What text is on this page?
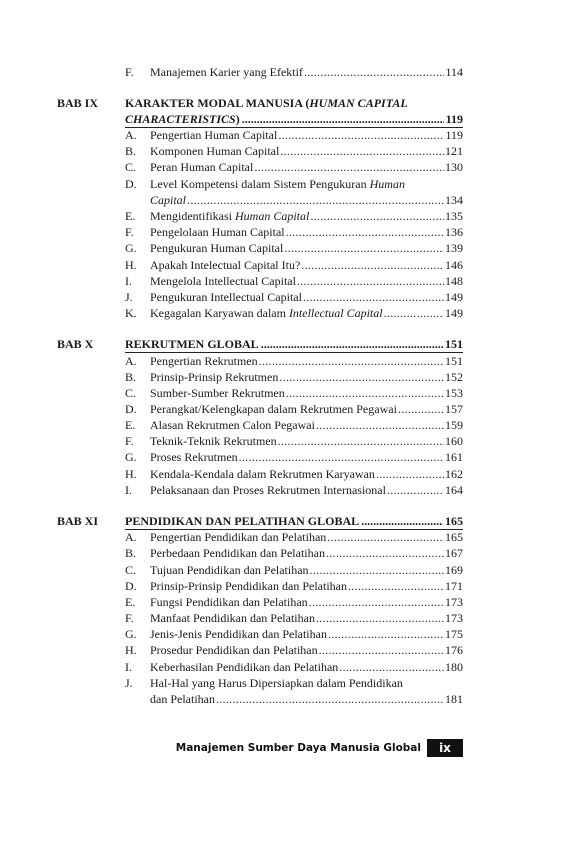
F.	Manajemen Karier yang Efektif .....	114
BAB IX KARAKTER MODAL MANUSIA (HUMAN CAPITAL
CHARACTERISTICS ) .....	119
A.	Pengertian Human Capital .....	119
B.	Komponen Human Capital .....	121
C.	Peran Human Capital .....	130
D.	Level Kompetensi dalam Sistem Pengukuran Human
Capital .....	134
E.	Mengidentifikasi Human Capital .....	135
F.	Pengelolaan Human Capital .....	136
G.	Pengukuran Human Capital .....	139
H.	Apakah Intelectual Capital Itu? .....	146
I.	Mengelola Intellectual Capital .....	148
J.	Pengukuran Intellectual Capital .....	149
K.	Kegagalan Karyawan dalam Intellectual Capital .....	149
BAB X	REKRUTMEN GLOBAL .....	151
A.	Pengertian Rekrutmen .....	151
B.	Prinsip-Prinsip Rekrutmen .....	152
C.	Sumber-Sumber Rekrutmen .....	153
D.	Perangkat/Kelengkapan dalam Rekrutmen Pegawai .....	157
E.	Alasan Rekrutmen Calon Pegawai .....	159
F.	Teknik-Teknik Rekrutmen .....	160
G.	Proses Rekrutmen .....	161
H.	Kendala-Kendala dalam Rekrutmen Karyawan .....	162
I.	Pelaksanaan dan Proses Rekrutmen Internasional .....	164
BAB XI PENDIDIKAN DAN PELATIHAN GLOBAL .....	165
A.	Pengertian Pendidikan dan Pelatihan .....	165
B.	Perbedaan Pendidikan dan Pelatihan .....	167
C.	Tujuan Pendidikan dan Pelatihan .....	169
D.	Prinsip-Prinsip Pendidikan dan Pelatihan .....	171
E.	Fungsi Pendidikan dan Pelatihan .....	173
F.	Manfaat Pendidikan dan Pelatihan .....	173
G.	Jenis-Jenis Pendidikan dan Pelatihan .....	175
H.	Prosedur Pendidikan dan Pelatihan .....	176
I.	Keberhasilan Pendidikan dan Pelatihan .....	180
J.	Hal-Hal yang Harus Dipersiapkan dalam Pendidikan
dan Pelatihan .....	181
Manajemen Sumber Daya Manusia Global	ix
